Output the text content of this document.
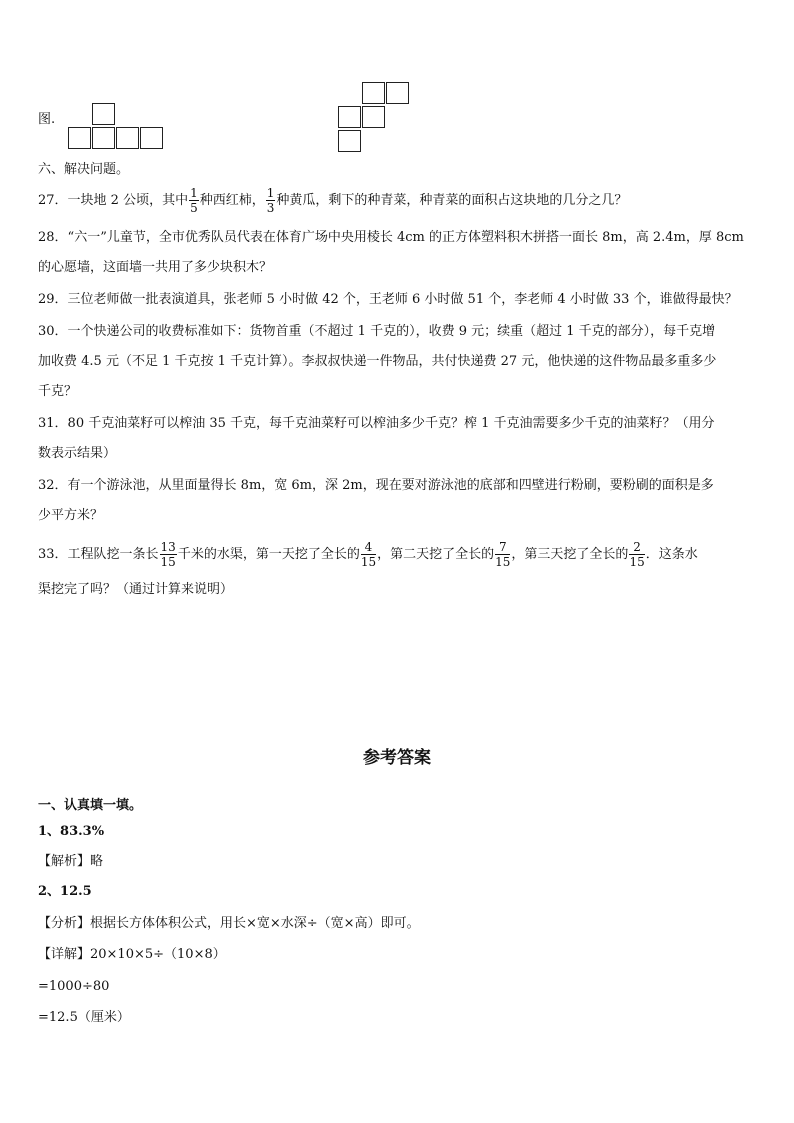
图.
六、解决问题。
27．一块地 2 公顷，其中 $\frac{1}{5}$ 种西红柿， $\frac{1}{3}$ 种黄瓜，剩下的种青菜，种青菜的面积占这块地的几分之几？
28．“六一”儿童节，全市优秀队员代表在体育广场中央用棱长 4cm 的正方体塑料积木拼搭一面长 8m，高 2.4m，厚 8cm
的心愿墙，这面墙一共用了多少块积木？
29．三位老师做一批表演道具，张老师 5 小时做 42 个，王老师 6 小时做 51 个，李老师 4 小时做 33 个，谁做得最快？
30．一个快递公司的收费标准如下：货物首重（不超过 1 千克的），收费 9 元；续重（超过 1 千克的部分），每千克增
加收费 4.5 元（不足 1 千克按 1 千克计算）。李叔叔快递一件物品，共付快递费 27 元，他快递的这件物品最多重多少
千克？
31．80 千克油菜籽可以榨油 35 千克，每千克油菜籽可以榨油多少千克？榨 1 千克油需要多少千克的油菜籽？（用分
数表示结果）
32．有一个游泳池，从里面量得长 8m，宽 6m，深 2m，现在要对游泳池的底部和四壁进行粉刷，要粉刷的面积是多
少平方米？
33．工程队挖一条长 $\frac{13}{15}$ 千米的水渠，第一天挖了全长的 $\frac{4}{15}$ ，第二天挖了全长的 $\frac{7}{15}$ ，第三天挖了全长的 $\frac{2}{15}$ ．这条水
渠挖完了吗？（通过计算来说明）
参考答案
一、认真填一填。
1、83.3%
【解析】略
2、12.5
【分析】根据长方体体积公式，用长×宽×水深÷（宽×高）即可。
【详解】20×10×5÷（10×8）
=1000÷80
=12.5（厘米）
